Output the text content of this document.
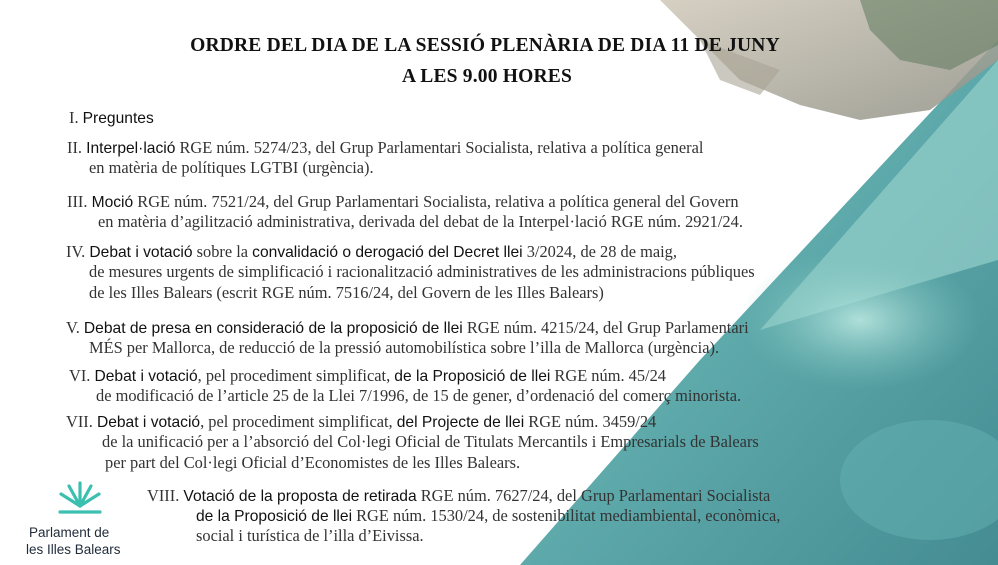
ORDRE DEL DIA DE LA SESSIÓ PLENÀRIA DE DIA 11 DE JUNY
A LES 9.00 HORES
I. Preguntes
II. Interpel·lació RGE núm. 5274/23, del Grup Parlamentari Socialista, relativa a política general
en matèria de polítiques LGTBI (urgència).
III. Moció RGE núm. 7521/24, del Grup Parlamentari Socialista, relativa a política general del Govern
en matèria d’agilització administrativa, derivada del debat de la Interpel·lació RGE núm. 2921/24.
IV. Debat i votació sobre la convalidació o derogació del Decret llei 3/2024, de 28 de maig,
de mesures urgents de simplificació i racionalització administratives de les administracions públiques
de les Illes Balears (escrit RGE núm. 7516/24, del Govern de les Illes Balears)
V. Debat de presa en consideració de la proposició de llei RGE núm. 4215/24, del Grup Parlamentari
MÉS per Mallorca, de reducció de la pressió automobilística sobre l’illa de Mallorca (urgència).
VI. Debat i votació, pel procediment simplificat, de la Proposició de llei RGE núm. 45/24
de modificació de l’article 25 de la Llei 7/1996, de 15 de gener, d’ordenació del comerç minorista.
VII. Debat i votació, pel procediment simplificat, del Projecte de llei RGE núm. 3459/24
de la unificació per a l’absorció del Col·legi Oficial de Titulats Mercantils i Empresarials de Balears
per part del Col·legi Oficial d’Economistes de les Illes Balears.
VIII. Votació de la proposta de retirada RGE núm. 7627/24, del Grup Parlamentari Socialista
de la Proposició de llei RGE núm. 1530/24, de sostenibilitat mediambiental, econòmica,
social i turística de l’illa d’Eivissa.
Parlament de
les Illes Balears
